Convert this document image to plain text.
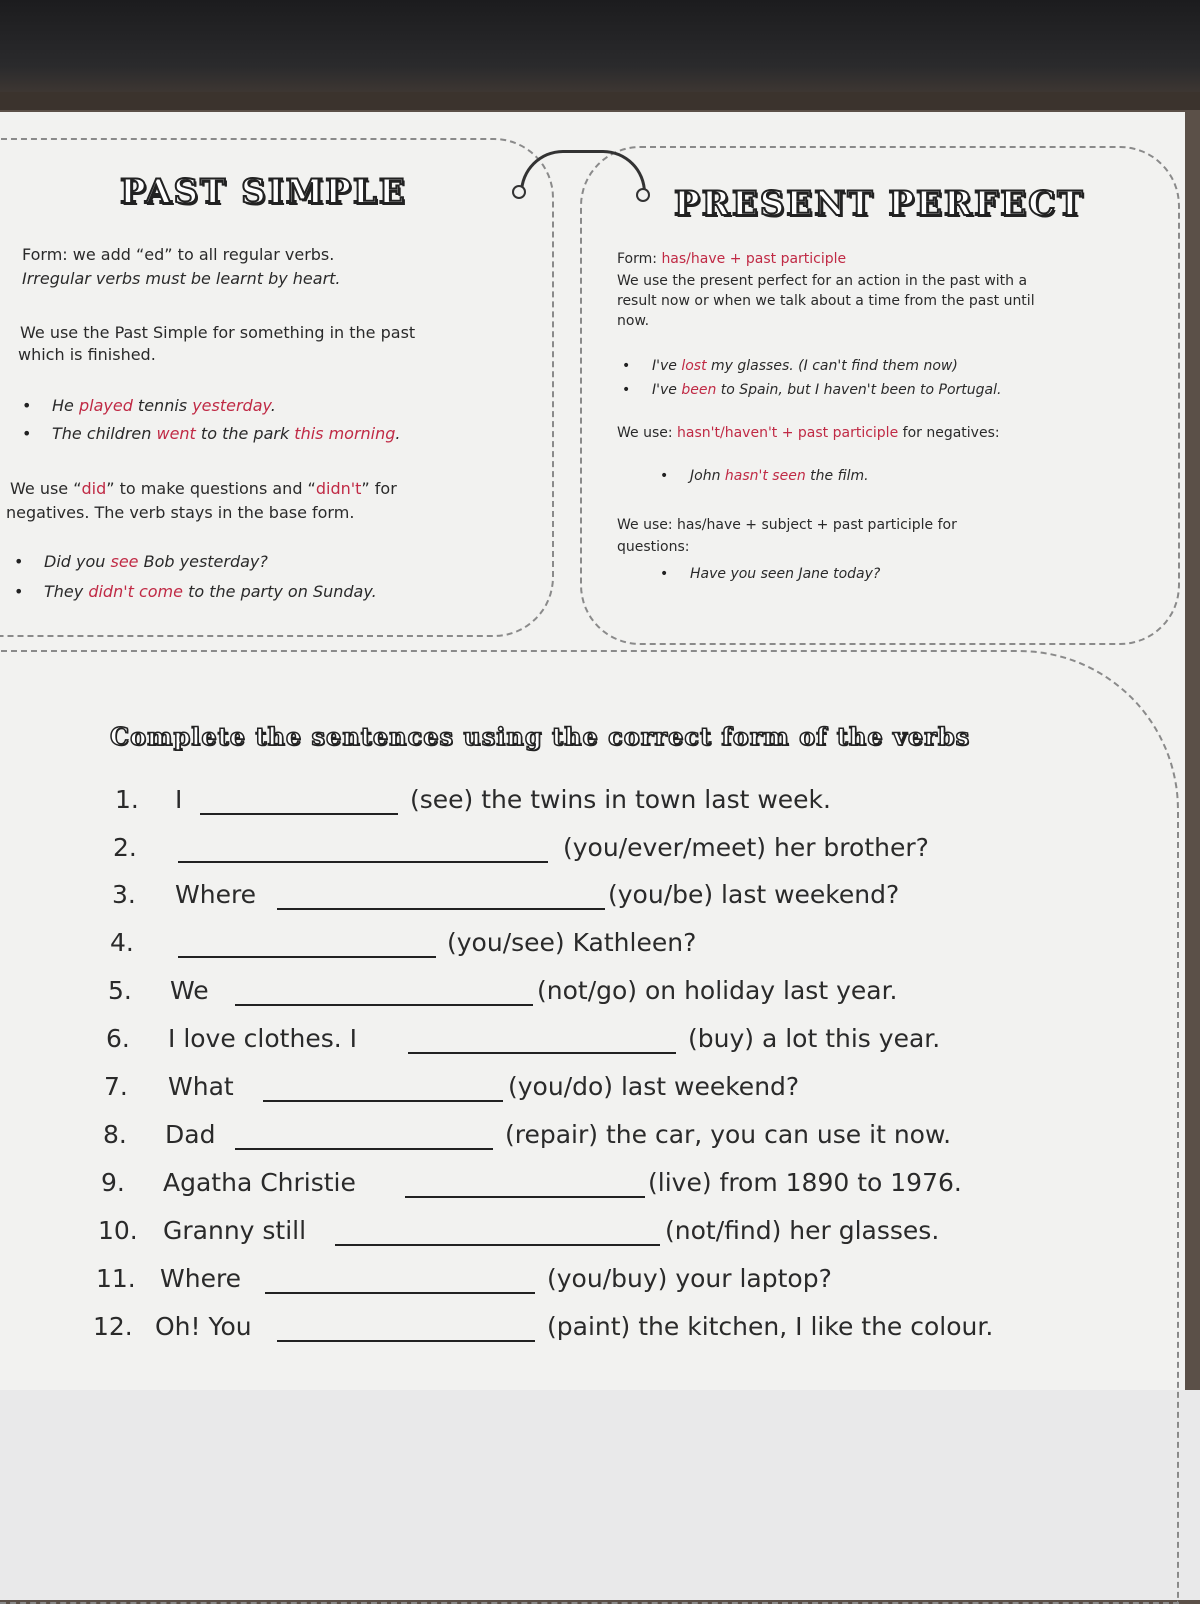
PAST SIMPLE
Form: we add “ed” to all regular verbs.
Irregular verbs must be learnt by heart.
We use the Past Simple for something in the past
which is finished.
• He played tennis yesterday.
• The children went to the park this morning.
We use “did” to make questions and “didn't” for
negatives. The verb stays in the base form.
• Did you see Bob yesterday?
• They didn't come to the party on Sunday.
PRESENT PERFECT
Form: has/have + past participle
We use the present perfect for an action in the past with a
result now or when we talk about a time from the past until
now.
• I've lost my glasses. (I can't find them now)
• I've been to Spain, but I haven't been to Portugal.
We use: hasn't/haven't + past participle for negatives:
• John hasn't seen the film.
We use: has/have + subject + past participle for
questions:
• Have you seen Jane today?
Complete the sentences using the correct form of the verbs
1. I	(see) the twins in town last week.
2.	(you/ever/meet) her brother?
3. Where	(you/be) last weekend?
4.	(you/see) Kathleen?
5. We	(not/go) on holiday last year.
6. I love clothes. I	(buy) a lot this year.
7. What	(you/do) last weekend?
8. Dad	(repair) the car, you can use it now.
9. Agatha Christie	(live) from 1890 to 1976.
10. Granny still	(not/find) her glasses.
11. Where	(you/buy) your laptop?
12. Oh! You	(paint) the kitchen, I like the colour.
